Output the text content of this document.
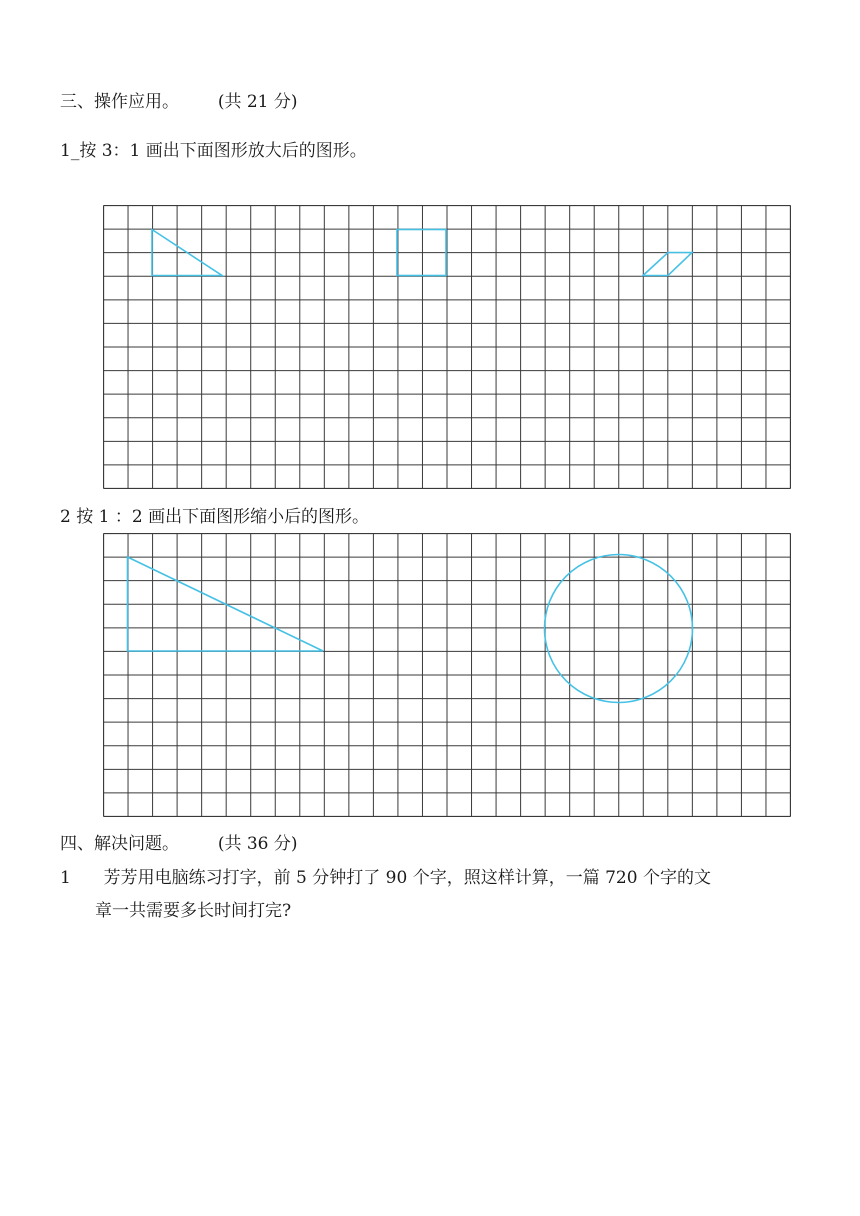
三、操作应用。 (共 21 分)
1_按 3：1 画出下面图形放大后的图形。
2 按 1 ：2 画出下面图形缩小后的图形。
四、解决问题。 (共 36 分)
1 芳芳用电脑练习打字，前 5 分钟打了 90 个字，照这样计算，一篇 720 个字的文
章一共需要多长时间打完?
